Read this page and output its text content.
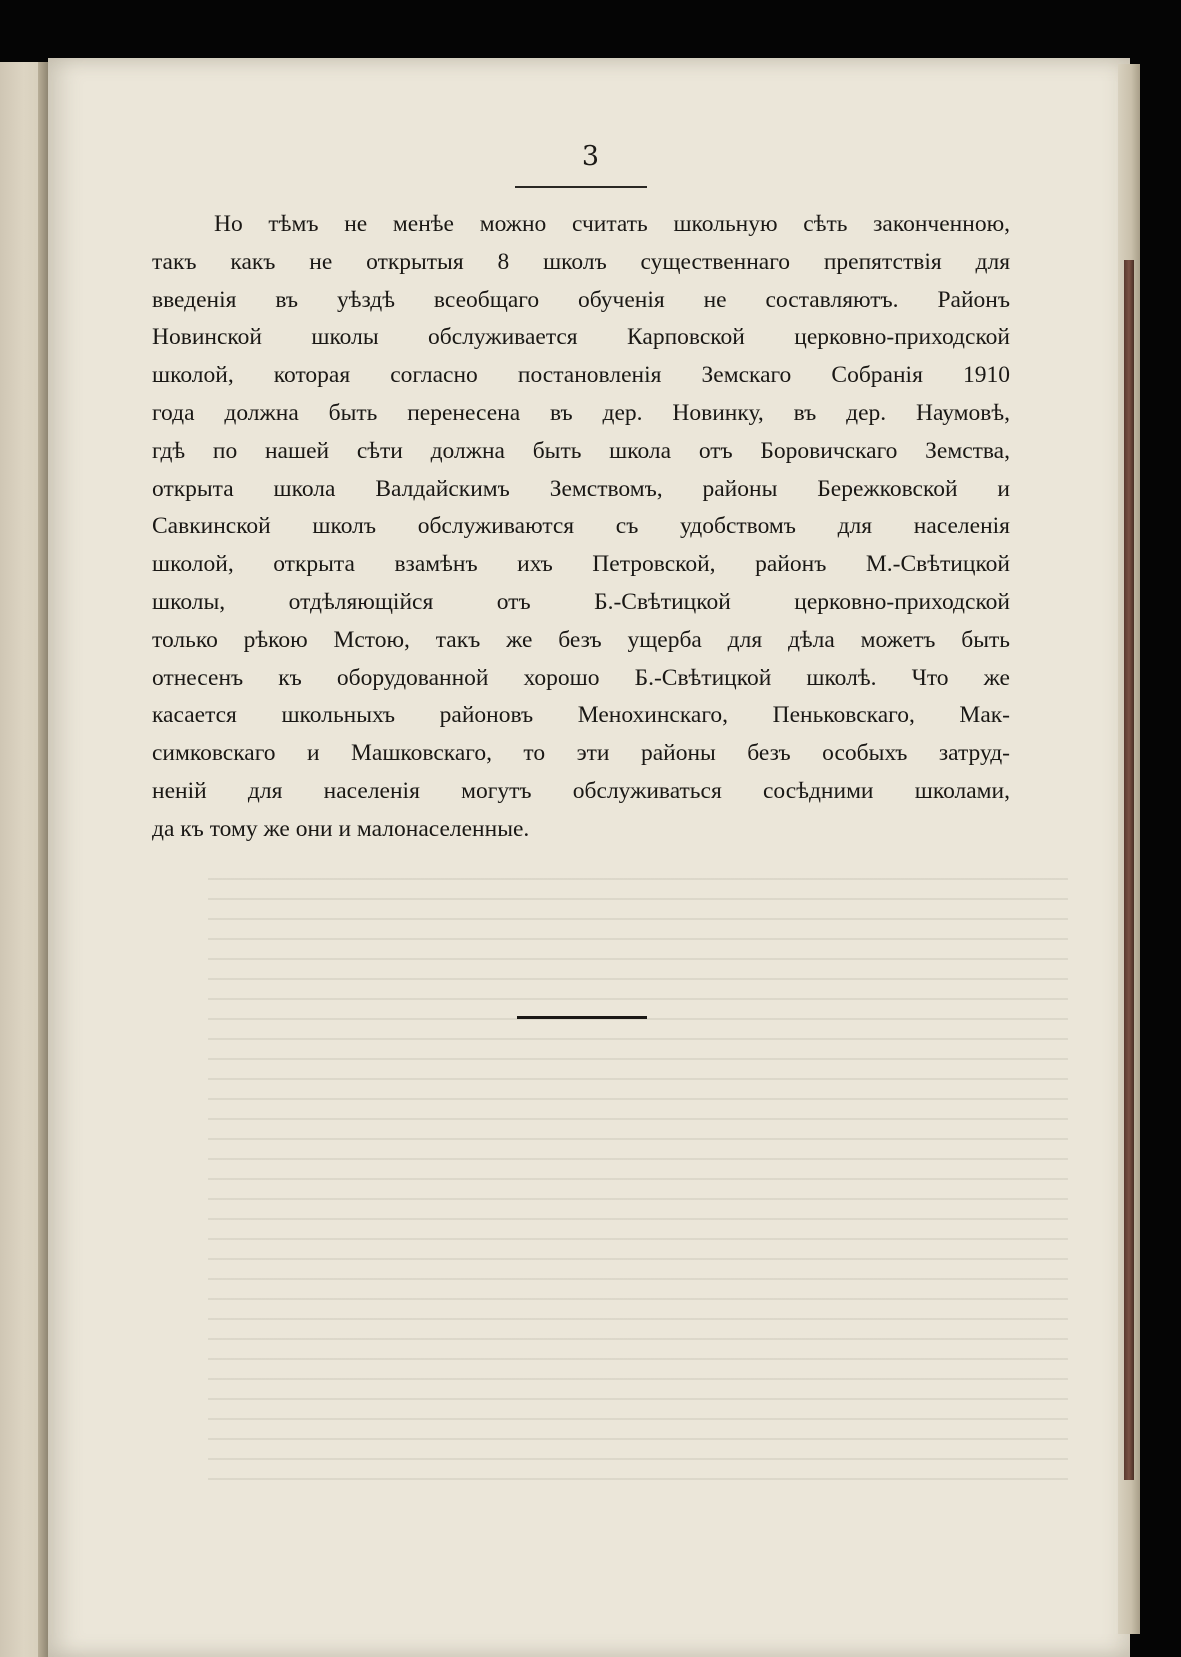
3
Но тѣмъ не менѣе можно считать школьную сѣть законченною,
такъ какъ не открытыя 8 школъ существеннаго препятствія для
введенія въ уѣздѣ всеобщаго обученія не составляютъ. Районъ
Новинской школы обслуживается Карповской церковно-приходской
школой, которая согласно постановленія Земскаго Собранія 1910
года должна быть перенесена въ дер. Новинку, въ дер. Наумовѣ,
гдѣ по нашей сѣти должна быть школа отъ Боровичскаго Земства,
открыта школа Валдайскимъ Земствомъ, районы Бережковской и
Савкинской школъ обслуживаются съ удобствомъ для населенія
школой, открыта взамѣнъ ихъ Петровской, районъ М.-Свѣтицкой
школы, отдѣляющійся отъ Б.-Свѣтицкой церковно-приходской
только рѣкою Мстою, такъ же безъ ущерба для дѣла можетъ быть
отнесенъ къ оборудованной хорошо Б.-Свѣтицкой школѣ. Что же
касается школьныхъ районовъ Менохинскаго, Пеньковскаго, Мак-
симковскаго и Машковскаго, то эти районы безъ особыхъ затруд-
неній для населенія могутъ обслуживаться сосѣдними школами,
да къ тому же они и малонаселенные.
